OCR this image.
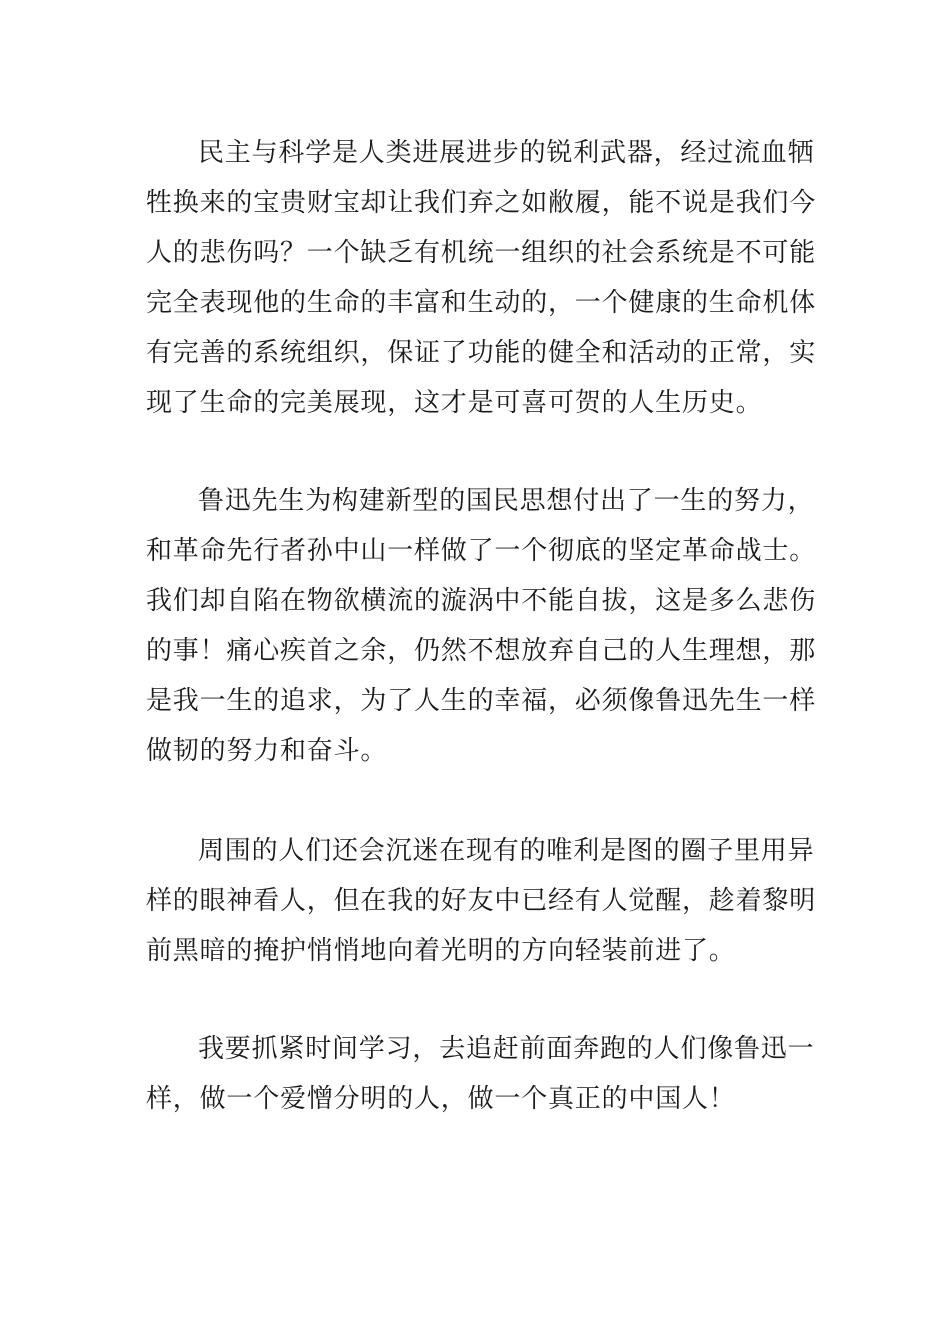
民主与科学是人类进展进步的锐利武器，经过流血牺
牲换来的宝贵财宝却让我们弃之如敝履，能不说是我们今
人的悲伤吗？一个缺乏有机统一组织的社会系统是不可能
完全表现他的生命的丰富和生动的，一个健康的生命机体
有完善的系统组织，保证了功能的健全和活动的正常，实
现了生命的完美展现，这才是可喜可贺的人生历史。

鲁迅先生为构建新型的国民思想付出了一生的努力，
和革命先行者孙中山一样做了一个彻底的坚定革命战士。
我们却自陷在物欲横流的漩涡中不能自拔，这是多么悲伤
的事！痛心疾首之余，仍然不想放弃自己的人生理想，那
是我一生的追求，为了人生的幸福，必须像鲁迅先生一样
做韧的努力和奋斗。

周围的人们还会沉迷在现有的唯利是图的圈子里用异
样的眼神看人，但在我的好友中已经有人觉醒，趁着黎明
前黑暗的掩护悄悄地向着光明的方向轻装前进了。

我要抓紧时间学习，去追赶前面奔跑的人们像鲁迅一
样，做一个爱憎分明的人，做一个真正的中国人！
